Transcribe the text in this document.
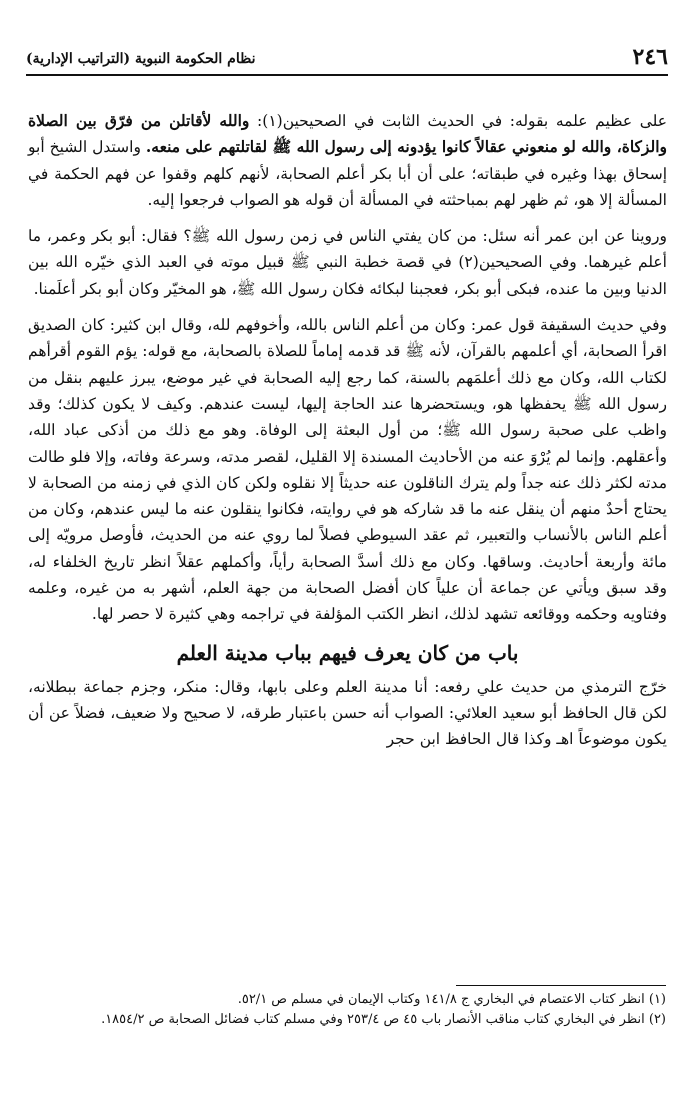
٢٤٦
نظام الحكومة النبوية (التراتيب الإدارية)

على عظيم علمه بقوله: في الحديث الثابت في الصحيحين(١): والله لأقاتلن من فرّق بين الصلاة والزكاة، والله لو منعوني عقالاً كانوا يؤدونه إلى رسول الله ﷺ لقاتلتهم على منعه. واستدل الشيخ أبو إسحاق بهذا وغيره في طبقاته؛ على أن أبا بكر أعلم الصحابة، لأنهم كلهم وقفوا عن فهم الحكمة في المسألة إلا هو، ثم ظهر لهم بمباحثته في المسألة أن قوله هو الصواب فرجعوا إليه.

وروينا عن ابن عمر أنه سئل: من كان يفتي الناس في زمن رسول الله ﷺ؟ فقال: أبو بكر وعمر، ما أعلم غيرهما. وفي الصحيحين(٢) في قصة خطبة النبي ﷺ قبيل موته في العبد الذي خيّره الله بين الدنيا وبين ما عنده، فبكى أبو بكر، فعجبنا لبكائه فكان رسول الله ﷺ، هو المخيّر وكان أبو بكر أعلَمنا.

وفي حديث السقيفة قول عمر: وكان من أعلم الناس بالله، وأخوفهم لله، وقال ابن كثير: كان الصديق اقرأ الصحابة، أي أعلمهم بالقرآن، لأنه ﷺ قد قدمه إماماً للصلاة بالصحابة، مع قوله: يؤم القوم أقرأهم لكتاب الله، وكان مع ذلك أعلمَهم بالسنة، كما رجع إليه الصحابة في غير موضع، يبرز عليهم بنقل من رسول الله ﷺ يحفظها هو، ويستحضرها عند الحاجة إليها، ليست عندهم. وكيف لا يكون كذلك؛ وقد واظب على صحبة رسول الله ﷺ؛ من أول البعثة إلى الوفاة. وهو مع ذلك من أذكى عباد الله، وأعقلهم. وإنما لم يُرْوَ عنه من الأحاديث المسندة إلا القليل، لقصر مدته، وسرعة وفاته، وإلا فلو طالت مدته لكثر ذلك عنه جداً ولم يترك الناقلون عنه حديثاً إلا نقلوه ولكن كان الذي في زمنه من الصحابة لا يحتاج أحدٌ منهم أن ينقل عنه ما قد شاركه هو في روايته، فكانوا ينقلون عنه ما ليس عندهم، وكان من أعلم الناس بالأنساب والتعبير، ثم عقد السيوطي فصلاً لما روي عنه من الحديث، فأوصل مرويّه إلى مائة وأربعة أحاديث. وساقها. وكان مع ذلك أسدَّ الصحابة رأياً، وأكملهم عقلاً انظر تاريخ الخلفاء له، وقد سبق ويأتي عن جماعة أن علياً كان أفضل الصحابة من جهة العلم، أشهر به من غيره، وعلمه وفتاويه وحكمه ووقائعه تشهد لذلك، انظر الكتب المؤلفة في تراجمه وهي كثيرة لا حصر لها.

باب من كان يعرف فيهم بباب مدينة العلم

خرّج الترمذي من حديث علي رفعه: أنا مدينة العلم وعلى بابها، وقال: منكر، وجزم جماعة ببطلانه، لكن قال الحافظ أبو سعيد العلائي: الصواب أنه حسن باعتبار طرقه، لا صحيح ولا ضعيف، فضلاً عن أن يكون موضوعاً اهـ وكذا قال الحافظ ابن حجر

(١) انظر كتاب الاعتصام في البخاري ج ١٤١/٨ وكتاب الإيمان في مسلم ص ٥٢/١.

(٢) انظر في البخاري كتاب مناقب الأنصار باب ٤٥ ص ٢٥٣/٤ وفي مسلم كتاب فضائل الصحابة ص ١٨٥٤/٢.
